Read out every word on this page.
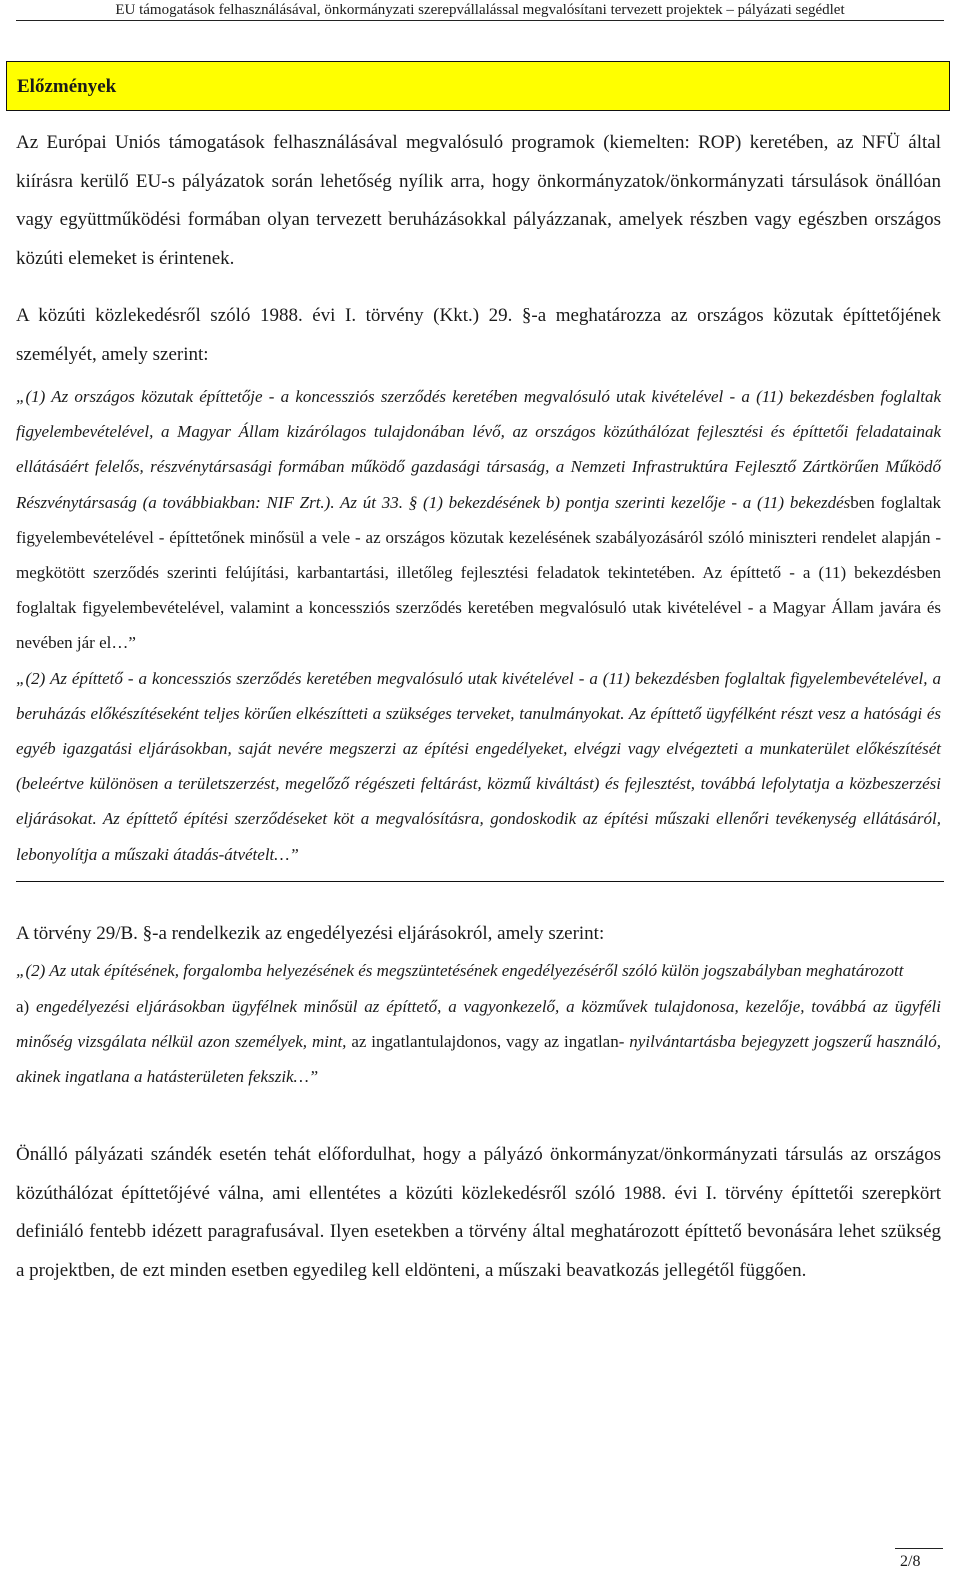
EU támogatások felhasználásával, önkormányzati szerepvállalással megvalósítani tervezett projektek – pályázati segédlet
Előzmények

Az Európai Uniós támogatások felhasználásával megvalósuló programok (kiemelten: ROP) keretében, az NFÜ által kiírásra kerülő EU-s pályázatok során lehetőség nyílik arra, hogy önkormányzatok/önkormányzati társulások önállóan vagy együttműködési formában olyan tervezett beruházásokkal pályázzanak, amelyek részben vagy egészben országos közúti elemeket is érintenek.

A közúti közlekedésről szóló 1988. évi I. törvény (Kkt.) 29. §-a meghatározza az országos közutak építtetőjének személyét, amely szerint:

„(1) Az országos közutak építtetője - a koncessziós szerződés keretében megvalósuló utak kivételével - a (11) bekezdésben foglaltak figyelembevételével, a Magyar Állam kizárólagos tulajdonában lévő, az országos közúthálózat fejlesztési és építtetői feladatainak ellátásáért felelős, részvénytársasági formában működő gazdasági társaság, a Nemzeti Infrastruktúra Fejlesztő Zártkörűen Működő Részvénytársaság (a továbbiakban: NIF Zrt.). Az út 33. § (1) bekezdésének b) pontja szerinti kezelője - a (11) bekezdésben foglaltak figyelembevételével - építtetőnek minősül a vele - az országos közutak kezelésének szabályozásáról szóló miniszteri rendelet alapján - megkötött szerződés szerinti felújítási, karbantartási, illetőleg fejlesztési feladatok tekintetében. Az építtető - a (11) bekezdésben foglaltak figyelembevételével, valamint a koncessziós szerződés keretében megvalósuló utak kivételével - a Magyar Állam javára és nevében jár el…”

„(2) Az építtető - a koncessziós szerződés keretében megvalósuló utak kivételével - a (11) bekezdésben foglaltak figyelembevételével, a beruházás előkészítéseként teljes körűen elkészítteti a szükséges terveket, tanulmányokat. Az építtető ügyfélként részt vesz a hatósági és egyéb igazgatási eljárásokban, saját nevére megszerzi az építési engedélyeket, elvégzi vagy elvégezteti a munkaterület előkészítését (beleértve különösen a területszerzést, megelőző régészeti feltárást, közmű kiváltást) és fejlesztést, továbbá lefolytatja a közbeszerzési eljárásokat. Az építtető építési szerződéseket köt a megvalósításra, gondoskodik az építési műszaki ellenőri tevékenység ellátásáról, lebonyolítja a műszaki átadás-átvételt…”

A törvény 29/B. §-a rendelkezik az engedélyezési eljárásokról, amely szerint:

„(2) Az utak építésének, forgalomba helyezésének és megszüntetésének engedélyezéséről szóló külön jogszabályban meghatározott

a) engedélyezési eljárásokban ügyfélnek minősül az építtető, a vagyonkezelő, a közművek tulajdonosa, kezelője, továbbá az ügyféli minőség vizsgálata nélkül azon személyek, mint, az ingatlantulajdonos, vagy az ingatlan- nyilvántartásba bejegyzett jogszerű használó, akinek ingatlana a hatásterületen fekszik…”

Önálló pályázati szándék esetén tehát előfordulhat, hogy a pályázó önkormányzat/önkormányzati társulás az országos közúthálózat építtetőjévé válna, ami ellentétes a közúti közlekedésről szóló 1988. évi I. törvény építtetői szerepkört definiáló fentebb idézett paragrafusával. Ilyen esetekben a törvény által meghatározott építtető bevonására lehet szükség a projektben, de ezt minden esetben egyedileg kell eldönteni, a műszaki beavatkozás jellegétől függően.

2/8
